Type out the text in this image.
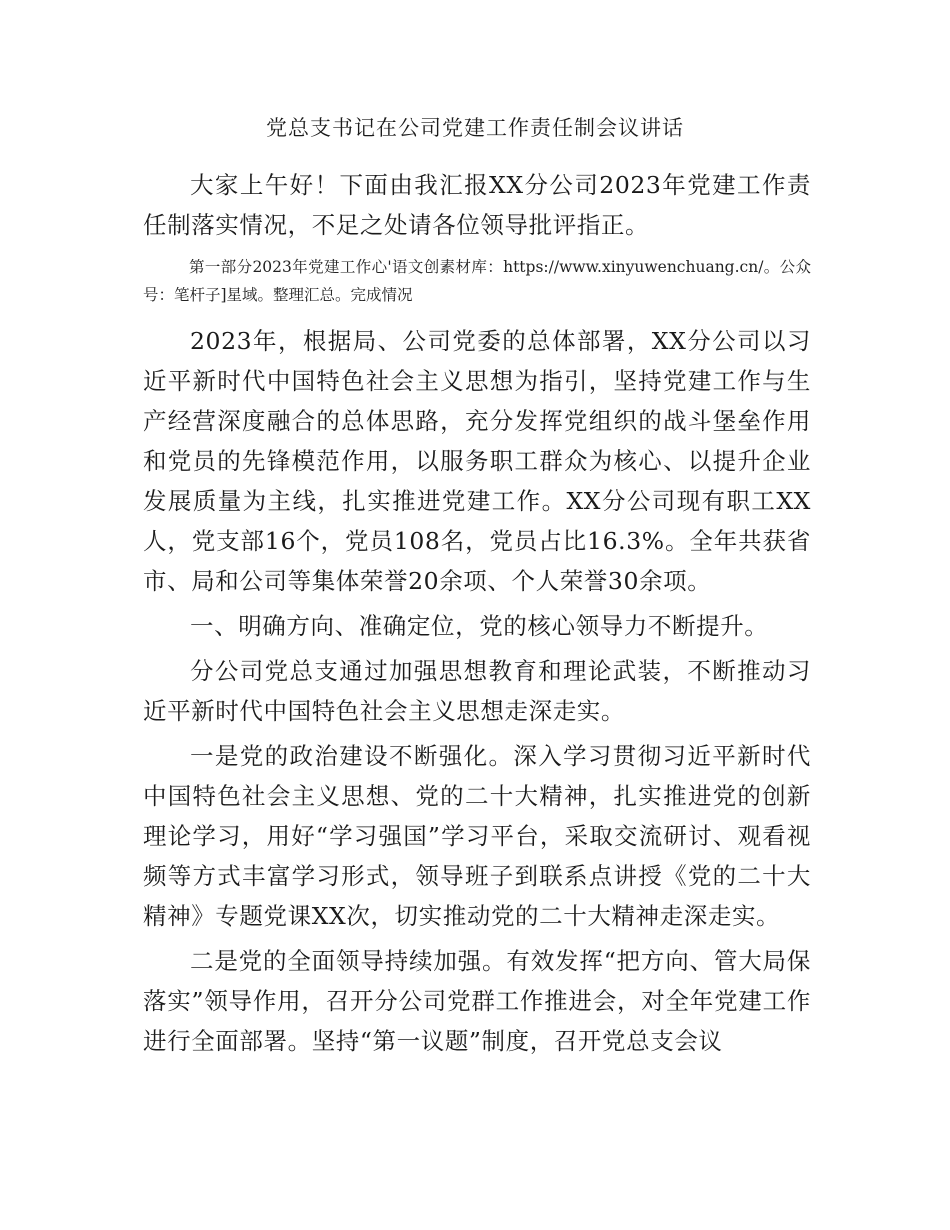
党总支书记在公司党建工作责任制会议讲话

大家上午好！下面由我汇报XX分公司2023年党建工作责任制落实情况，不足之处请各位领导批评指正。

第一部分2023年党建工作心'语文创素材库：https://www.xinyuwenchuang.cn/。公众号：笔杆子]星域。整理汇总。完成情况

2023年，根据局、公司党委的总体部署，XX分公司以习近平新时代中国特色社会主义思想为指引，坚持党建工作与生产经营深度融合的总体思路，充分发挥党组织的战斗堡垒作用和党员的先锋模范作用，以服务职工群众为核心、以提升企业发展质量为主线，扎实推进党建工作。XX分公司现有职工XX人，党支部16个，党员108名，党员占比16.3%。全年共获省市、局和公司等集体荣誉20余项、个人荣誉30余项。

一、明确方向、准确定位，党的核心领导力不断提升。

分公司党总支通过加强思想教育和理论武装，不断推动习近平新时代中国特色社会主义思想走深走实。

一是党的政治建设不断强化。深入学习贯彻习近平新时代中国特色社会主义思想、党的二十大精神，扎实推进党的创新理论学习，用好“学习强国”学习平台，采取交流研讨、观看视频等方式丰富学习形式，领导班子到联系点讲授《党的二十大精神》专题党课XX次，切实推动党的二十大精神走深走实。

二是党的全面领导持续加强。有效发挥“把方向、管大局保落实”领导作用，召开分公司党群工作推进会，对全年党建工作进行全面部署。坚持“第一议题”制度，召开党总支会议
